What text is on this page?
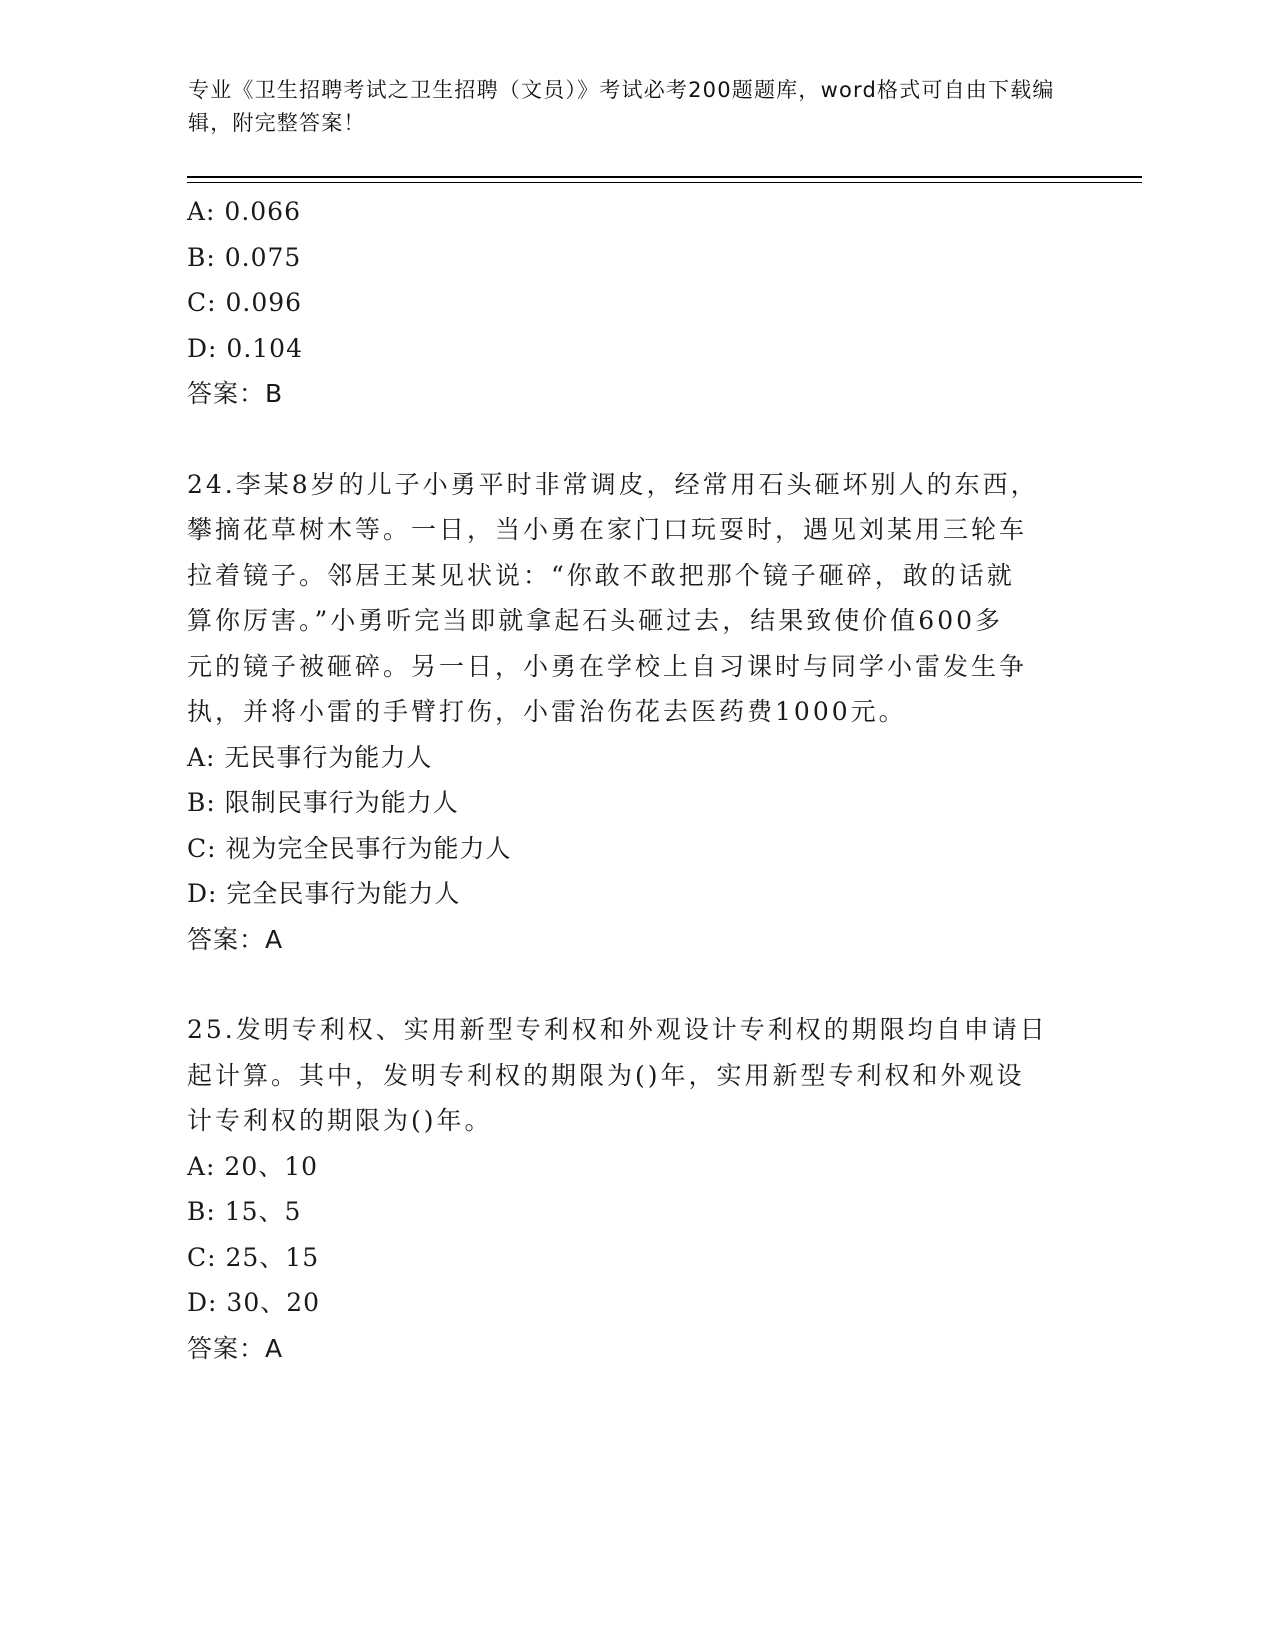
专业《卫生招聘考试之卫生招聘（文员）》考试必考200题题库，word格式可自由下载编辑，附完整答案！
A: 0.066
B: 0.075
C: 0.096
D: 0.104
答案：B
24.李某8岁的儿子小勇平时非常调皮，经常用石头砸坏别人的东西，
攀摘花草树木等。一日，当小勇在家门口玩耍时，遇见刘某用三轮车
拉着镜子。邻居王某见状说：“你敢不敢把那个镜子砸碎，敢的话就
算你厉害。”小勇听完当即就拿起石头砸过去，结果致使价值600多
元的镜子被砸碎。另一日，小勇在学校上自习课时与同学小雷发生争
执，并将小雷的手臂打伤，小雷治伤花去医药费1000元。
A: 无民事行为能力人
B: 限制民事行为能力人
C: 视为完全民事行为能力人
D: 完全民事行为能力人
答案：A
25.发明专利权、实用新型专利权和外观设计专利权的期限均自申请日
起计算。其中，发明专利权的期限为()年，实用新型专利权和外观设
计专利权的期限为()年。
A: 20、10
B: 15、5
C: 25、15
D: 30、20
答案：A
